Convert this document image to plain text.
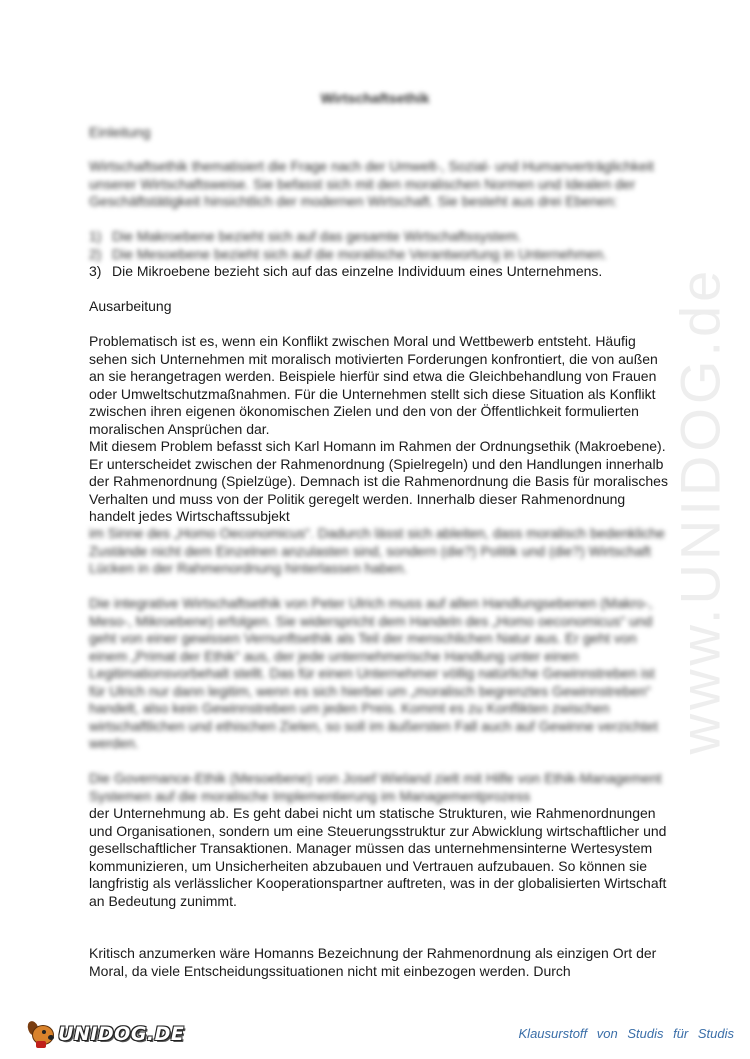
Wirtschaftsethik

Einleitung

Wirtschaftsethik thematisiert die Frage nach der Umwelt-, Sozial- und Humanverträglichkeit unserer Wirtschaftsweise. Sie befasst sich mit den moralischen Normen und Idealen der Geschäftstätigkeit hinsichtlich der modernen Wirtschaft. Sie besteht aus drei Ebenen:

1) Die Makroebene bezieht sich auf das gesamte Wirtschaftssystem.
2) Die Mesoebene bezieht sich auf die moralische Verantwortung in Unternehmen.
3) Die Mikroebene bezieht sich auf das einzelne Individuum eines Unternehmens.

Ausarbeitung

Problematisch ist es, wenn ein Konflikt zwischen Moral und Wettbewerb entsteht. Häufig sehen sich Unternehmen mit moralisch motivierten Forderungen konfrontiert, die von außen an sie herangetragen werden. Beispiele hierfür sind etwa die Gleichbehandlung von Frauen oder Umweltschutzmaßnahmen. Für die Unternehmen stellt sich diese Situation als Konflikt zwischen ihren eigenen ökonomischen Zielen und den von der Öffentlichkeit formulierten moralischen Ansprüchen dar.

Mit diesem Problem befasst sich Karl Homann im Rahmen der Ordnungsethik (Makroebene). Er unterscheidet zwischen der Rahmenordnung (Spielregeln) und den Handlungen innerhalb der Rahmenordnung (Spielzüge). Demnach ist die Rahmenordnung die Basis für moralisches Verhalten und muss von der Politik geregelt werden. Innerhalb dieser Rahmenordnung handelt jedes Wirtschaftssubjekt

im Sinne des „Homo Oeconomicus“. Dadurch lässt sich ableiten, dass moralisch bedenkliche Zustände nicht dem Einzelnen anzulasten sind, sondern (die?) Politik und (die?) Wirtschaft Lücken in der Rahmenordnung hinterlassen haben.

Die integrative Wirtschaftsethik von Peter Ulrich muss auf allen Handlungsebenen (Makro-, Meso-, Mikroebene) erfolgen. Sie widerspricht dem Handeln des „Homo oeconomicus“ und geht von einer gewissen Vernunftsethik als Teil der menschlichen Natur aus. Er geht von einem „Primat der Ethik“ aus, der jede unternehmerische Handlung unter einen Legitimationsvorbehalt stellt. Das für einen Unternehmer völlig natürliche Gewinnstreben ist für Ulrich nur dann legitim, wenn es sich hierbei um „moralisch begrenztes Gewinnstreben“ handelt, also kein Gewinnstreben um jeden Preis. Kommt es zu Konflikten zwischen wirtschaftlichen und ethischen Zielen, so soll im äußersten Fall auch auf Gewinne verzichtet werden.

Die Governance-Ethik (Mesoebene) von Josef Wieland zielt mit Hilfe von Ethik-Management Systemen auf die moralische Implementierung im Managementprozess

der Unternehmung ab. Es geht dabei nicht um statische Strukturen, wie Rahmenordnungen und Organisationen, sondern um eine Steuerungsstruktur zur Abwicklung wirtschaftlicher und gesellschaftlicher Transaktionen. Manager müssen das unternehmensinterne Wertesystem kommunizieren, um Unsicherheiten abzubauen und Vertrauen aufzubauen. So können sie langfristig als verlässlicher Kooperationspartner auftreten, was in der globalisierten Wirtschaft an Bedeutung zunimmt.

Kritisch anzumerken wäre Homanns Bezeichnung der Rahmenordnung als einzigen Ort der Moral, da viele Entscheidungssituationen nicht mit einbezogen werden. Durch

www.UNIDOG.de
UNIDOG.DE	Klausurstoff von Studis für Studis
